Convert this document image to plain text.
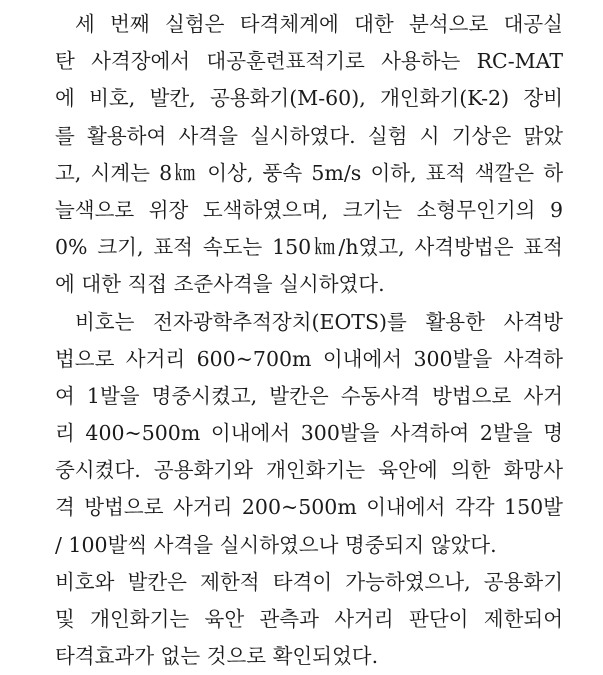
세 번째 실험은 타격체계에 대한 분석으로 대공실
탄 사격장에서 대공훈련표적기로 사용하는 RC-MAT
에 비호, 발칸, 공용화기(M-60), 개인화기(K-2) 장비
를 활용하여 사격을 실시하였다. 실험 시 기상은 맑았
고, 시계는 8㎞ 이상, 풍속 5m/s 이하, 표적 색깔은 하
늘색으로 위장 도색하였으며, 크기는 소형무인기의 9
0% 크기, 표적 속도는 150㎞/h였고, 사격방법은 표적
에 대한 직접 조준사격을 실시하였다.
비호는 전자광학추적장치(EOTS)를 활용한 사격방
법으로 사거리 600~700m 이내에서 300발을 사격하
여 1발을 명중시켰고, 발칸은 수동사격 방법으로 사거
리 400~500m 이내에서 300발을 사격하여 2발을 명
중시켰다. 공용화기와 개인화기는 육안에 의한 화망사
격 방법으로 사거리 200~500m 이내에서 각각 150발
/ 100발씩 사격을 실시하였으나 명중되지 않았다.
비호와 발칸은 제한적 타격이 가능하였으나, 공용화기
및 개인화기는 육안 관측과 사거리 판단이 제한되어
타격효과가 없는 것으로 확인되었다.
